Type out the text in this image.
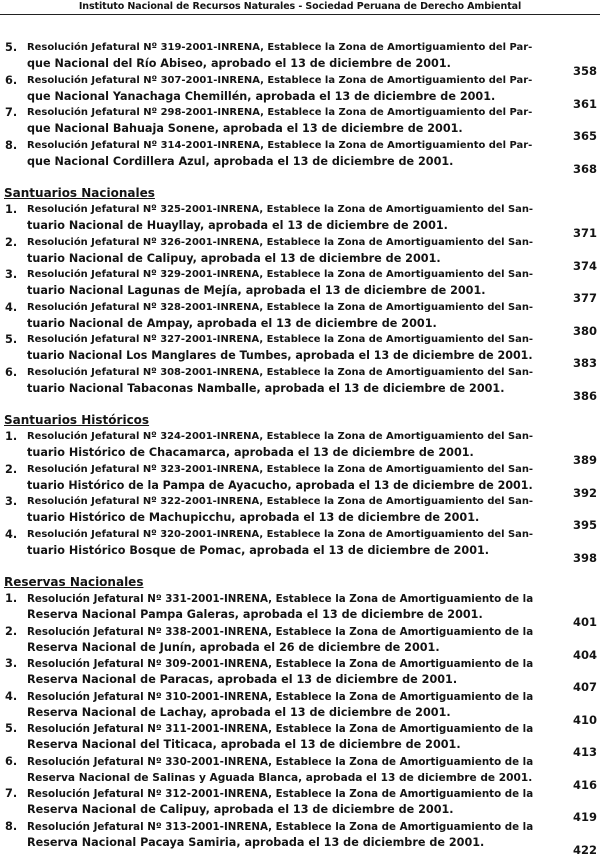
Instituto Nacional de Recursos Naturales - Sociedad Peruana de Derecho Ambiental
5. Resolución Jefatural Nº 319-2001-INRENA, Establece la Zona de Amortiguamiento del Par-
que Nacional del Río Abiseo, aprobado el 13 de diciembre de 2001.
358
6. Resolución Jefatural Nº 307-2001-INRENA, Establece la Zona de Amortiguamiento del Par-
que Nacional Yanachaga Chemillén, aprobada el 13 de diciembre de 2001.
361
7. Resolución Jefatural Nº 298-2001-INRENA, Establece la Zona de Amortiguamiento del Par-
que Nacional Bahuaja Sonene, aprobada el 13 de diciembre de 2001.
365
8. Resolución Jefatural Nº 314-2001-INRENA, Establece la Zona de Amortiguamiento del Par-
que Nacional Cordillera Azul, aprobada el 13 de diciembre de 2001.
368
Santuarios Nacionales
1. Resolución Jefatural Nº 325-2001-INRENA, Establece la Zona de Amortiguamiento del San-
tuario Nacional de Huayllay, aprobada el 13 de diciembre de 2001.
371
2. Resolución Jefatural Nº 326-2001-INRENA, Establece la Zona de Amortiguamiento del San-
tuario Nacional de Calipuy, aprobada el 13 de diciembre de 2001.
374
3. Resolución Jefatural Nº 329-2001-INRENA, Establece la Zona de Amortiguamiento del San-
tuario Nacional Lagunas de Mejía, aprobada el 13 de diciembre de 2001.
377
4. Resolución Jefatural Nº 328-2001-INRENA, Establece la Zona de Amortiguamiento del San-
tuario Nacional de Ampay, aprobada el 13 de diciembre de 2001.
380
5. Resolución Jefatural Nº 327-2001-INRENA, Establece la Zona de Amortiguamiento del San-
tuario Nacional Los Manglares de Tumbes, aprobada el 13 de diciembre de 2001.
383
6. Resolución Jefatural Nº 308-2001-INRENA, Establece la Zona de Amortiguamiento del San-
tuario Nacional Tabaconas Namballe, aprobada el 13 de diciembre de 2001.
386
Santuarios Históricos
1. Resolución Jefatural Nº 324-2001-INRENA, Establece la Zona de Amortiguamiento del San-
tuario Histórico de Chacamarca, aprobada el 13 de diciembre de 2001.
389
2. Resolución Jefatural Nº 323-2001-INRENA, Establece la Zona de Amortiguamiento del San-
tuario Histórico de la Pampa de Ayacucho, aprobada el 13 de diciembre de 2001.
392
3. Resolución Jefatural Nº 322-2001-INRENA, Establece la Zona de Amortiguamiento del San-
tuario Histórico de Machupicchu, aprobada el 13 de diciembre de 2001.
395
4. Resolución Jefatural Nº 320-2001-INRENA, Establece la Zona de Amortiguamiento del San-
tuario Histórico Bosque de Pomac, aprobada el 13 de diciembre de 2001.
398
Reservas Nacionales
1. Resolución Jefatural Nº 331-2001-INRENA, Establece la Zona de Amortiguamiento de la
Reserva Nacional Pampa Galeras, aprobada el 13 de diciembre de 2001.
401
2. Resolución Jefatural Nº 338-2001-INRENA, Establece la Zona de Amortiguamiento de la
Reserva Nacional de Junín, aprobada el 26 de diciembre de 2001.
404
3. Resolución Jefatural Nº 309-2001-INRENA, Establece la Zona de Amortiguamiento de la
Reserva Nacional de Paracas, aprobada el 13 de diciembre de 2001.
407
4. Resolución Jefatural Nº 310-2001-INRENA, Establece la Zona de Amortiguamiento de la
Reserva Nacional de Lachay, aprobada el 13 de diciembre de 2001.
410
5. Resolución Jefatural Nº 311-2001-INRENA, Establece la Zona de Amortiguamiento de la
Reserva Nacional del Titicaca, aprobada el 13 de diciembre de 2001.
413
6. Resolución Jefatural Nº 330-2001-INRENA, Establece la Zona de Amortiguamiento de la
Reserva Nacional de Salinas y Aguada Blanca, aprobada el 13 de diciembre de 2001.	416
7. Resolución Jefatural Nº 312-2001-INRENA, Establece la Zona de Amortiguamiento de la
Reserva Nacional de Calipuy, aprobada el 13 de diciembre de 2001.
419
8. Resolución Jefatural Nº 313-2001-INRENA, Establece la Zona de Amortiguamiento de la
Reserva Nacional Pacaya Samiria, aprobada el 13 de diciembre de 2001.
422
